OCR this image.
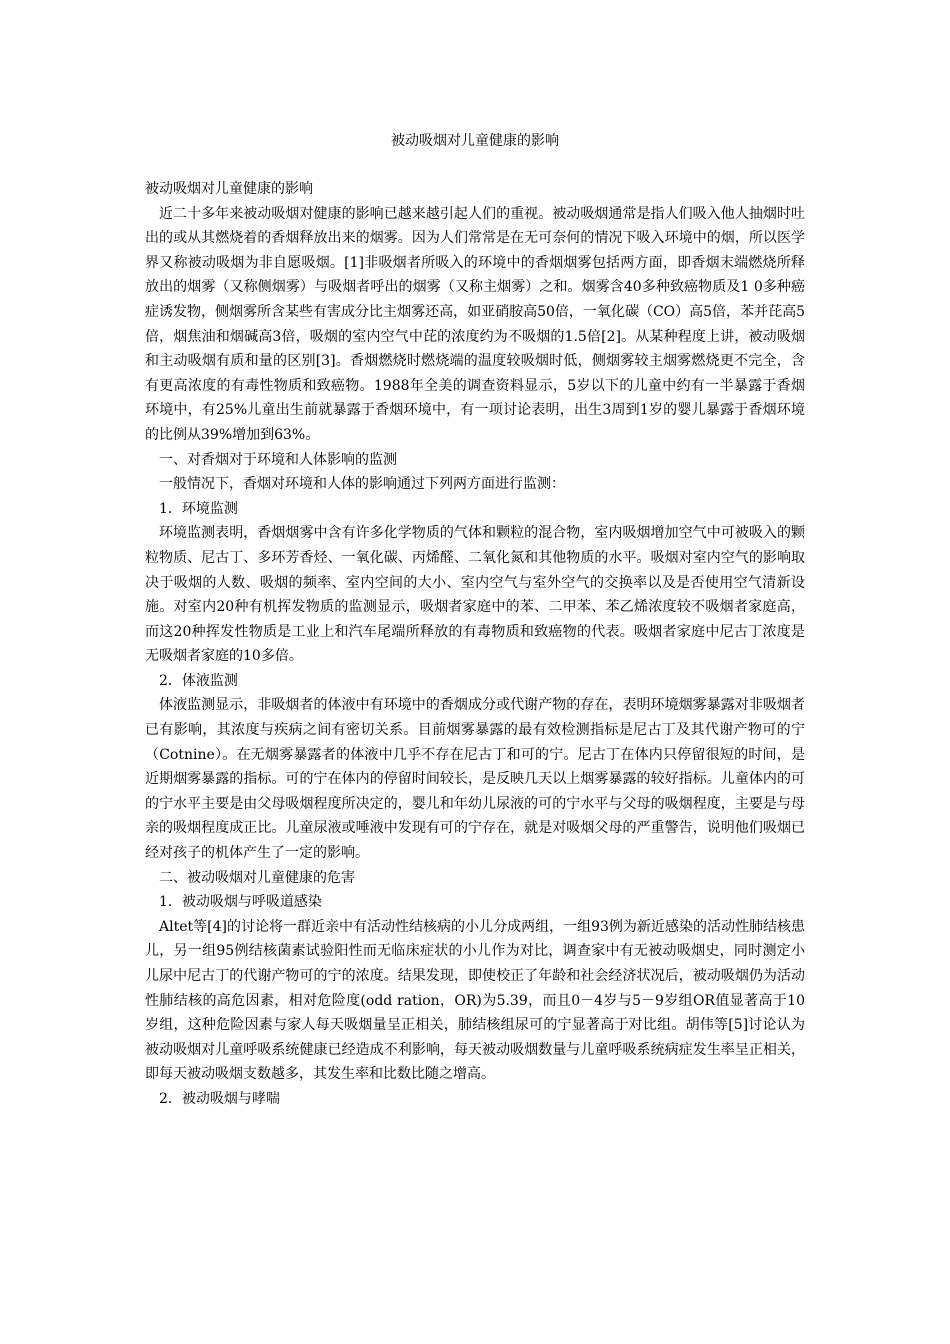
被动吸烟对儿童健康的影响

被动吸烟对儿童健康的影响

近二十多年来被动吸烟对健康的影响已越来越引起人们的重视。被动吸烟通常是指人们吸入他人抽烟时吐出的或从其燃烧着的香烟释放出来的烟雾。因为人们常常是在无可奈何的情况下吸入环境中的烟，所以医学界又称被动吸烟为非自愿吸烟。[1]非吸烟者所吸入的环境中的香烟烟雾包括两方面，即香烟末端燃烧所释放出的烟雾（又称侧烟雾）与吸烟者呼出的烟雾（又称主烟雾）之和。烟雾含40多种致癌物质及1 0多种癌症诱发物，侧烟雾所含某些有害成分比主烟雾还高，如亚硝胺高50倍，一氧化碳（CO）高5倍，苯并芘高5倍，烟焦油和烟碱高3倍，吸烟的室内空气中芘的浓度约为不吸烟的1.5倍[2]。从某种程度上讲，被动吸烟和主动吸烟有质和量的区别[3]。香烟燃烧时燃烧端的温度较吸烟时低，侧烟雾较主烟雾燃烧更不完全，含有更高浓度的有毒性物质和致癌物。1988年全美的调查资料显示，5岁以下的儿童中约有一半暴露于香烟环境中，有25%儿童出生前就暴露于香烟环境中，有一项讨论表明，出生3周到1岁的婴儿暴露于香烟环境的比例从39%增加到63%。

一、对香烟对于环境和人体影响的监测

一般情况下，香烟对环境和人体的影响通过下列两方面进行监测：

1．环境监测

环境监测表明，香烟烟雾中含有许多化学物质的气体和颗粒的混合物，室内吸烟增加空气中可被吸入的颗粒物质、尼古丁、多环芳香烃、一氧化碳、丙烯醛、二氧化氮和其他物质的水平。吸烟对室内空气的影响取决于吸烟的人数、吸烟的频率、室内空间的大小、室内空气与室外空气的交换率以及是否使用空气清新设施。对室内20种有机挥发物质的监测显示，吸烟者家庭中的苯、二甲苯、苯乙烯浓度较不吸烟者家庭高，而这20种挥发性物质是工业上和汽车尾端所释放的有毒物质和致癌物的代表。吸烟者家庭中尼古丁浓度是无吸烟者家庭的10多倍。

2．体液监测

体液监测显示，非吸烟者的体液中有环境中的香烟成分或代谢产物的存在，表明环境烟雾暴露对非吸烟者已有影响，其浓度与疾病之间有密切关系。目前烟雾暴露的最有效检测指标是尼古丁及其代谢产物可的宁（Cotnine）。在无烟雾暴露者的体液中几乎不存在尼古丁和可的宁。尼古丁在体内只停留很短的时间，是近期烟雾暴露的指标。可的宁在体内的停留时间较长，是反映几天以上烟雾暴露的较好指标。儿童体内的可的宁水平主要是由父母吸烟程度所决定的，婴儿和年幼儿尿液的可的宁水平与父母的吸烟程度，主要是与母亲的吸烟程度成正比。儿童尿液或唾液中发现有可的宁存在，就是对吸烟父母的严重警告，说明他们吸烟已经对孩子的机体产生了一定的影响。

二、被动吸烟对儿童健康的危害

1．被动吸烟与呼吸道感染

Altet等[4]的讨论将一群近亲中有活动性结核病的小儿分成两组，一组93例为新近感染的活动性肺结核患儿，另一组95例结核菌素试验阳性而无临床症状的小儿作为对比，调查家中有无被动吸烟史，同时测定小儿尿中尼古丁的代谢产物可的宁的浓度。结果发现，即使校正了年龄和社会经济状况后，被动吸烟仍为活动性肺结核的高危因素，相对危险度(odd ration，OR)为5.39，而且0－4岁与5－9岁组OR值显著高于10岁组，这种危险因素与家人每天吸烟量呈正相关，肺结核组尿可的宁显著高于对比组。胡伟等[5]讨论认为被动吸烟对儿童呼吸系统健康已经造成不利影响，每天被动吸烟数量与儿童呼吸系统病症发生率呈正相关，即每天被动吸烟支数越多，其发生率和比数比随之增高。

2．被动吸烟与哮喘
